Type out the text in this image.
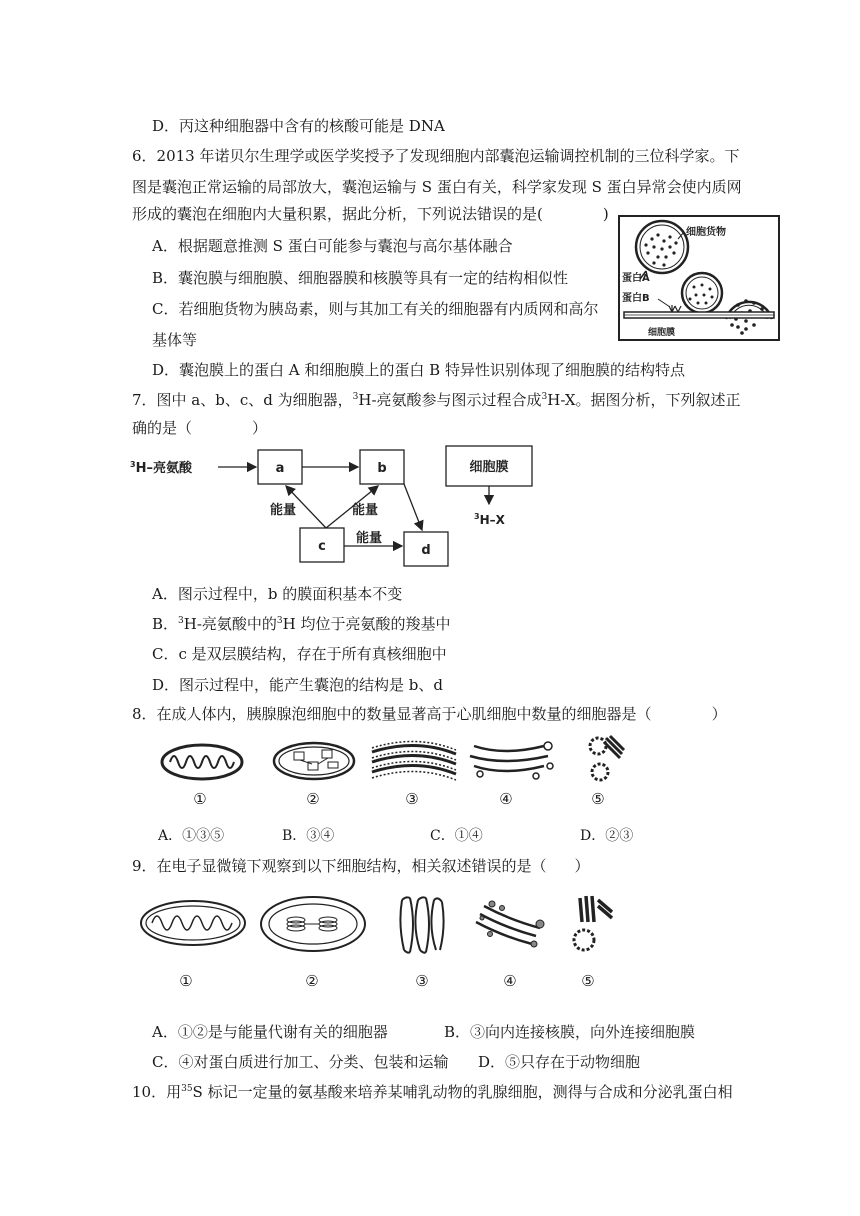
D．丙这种细胞器中含有的核酸可能是 DNA
6．2013 年诺贝尔生理学或医学奖授予了发现细胞内部囊泡运输调控机制的三位科学家。下
图是囊泡正常运输的局部放大，囊泡运输与 S 蛋白有关，科学家发现 S 蛋白异常会使内质网
形成的囊泡在细胞内大量积累，据此分析，下列说法错误的是(	)
A．根据题意推测 S 蛋白可能参与囊泡与高尔基体融合
B．囊泡膜与细胞膜、细胞器膜和核膜等具有一定的结构相似性
C．若细胞货物为胰岛素，则与其加工有关的细胞器有内质网和高尔
基体等
D．囊泡膜上的蛋白 A 和细胞膜上的蛋白 B 特异性识别体现了细胞膜的结构特点
细胞货物
蛋白A
蛋白B
细胞膜
7．图中 a、b、c、d 为细胞器，$^3$H-亮氨酸参与图示过程合成$^3$H-X。据图分析，下列叙述正
确的是（	）
$^3$H–亮氨酸	a	b	细胞膜
$^3$H–X
c	d
能量	能量
能量
A．图示过程中，b 的膜面积基本不变
B．$^3$H-亮氨酸中的$^3$H 均位于亮氨酸的羧基中
C．c 是双层膜结构，存在于所有真核细胞中
D．图示过程中，能产生囊泡的结构是 b、d
8．在成人体内，胰腺腺泡细胞中的数量显著高于心肌细胞中数量的细胞器是（	）
①	②	③	④	⑤
A．①③⑤	B．③④	C．①④	D．②③
9．在电子显微镜下观察到以下细胞结构，相关叙述错误的是（ ）
①	②	③	④	⑤
A．①②是与能量代谢有关的细胞器	B．③向内连接核膜，向外连接细胞膜
C．④对蛋白质进行加工、分类、包装和运输 D．⑤只存在于动物细胞
10．用$^{35}$S 标记一定量的氨基酸来培养某哺乳动物的乳腺细胞，测得与合成和分泌乳蛋白相
